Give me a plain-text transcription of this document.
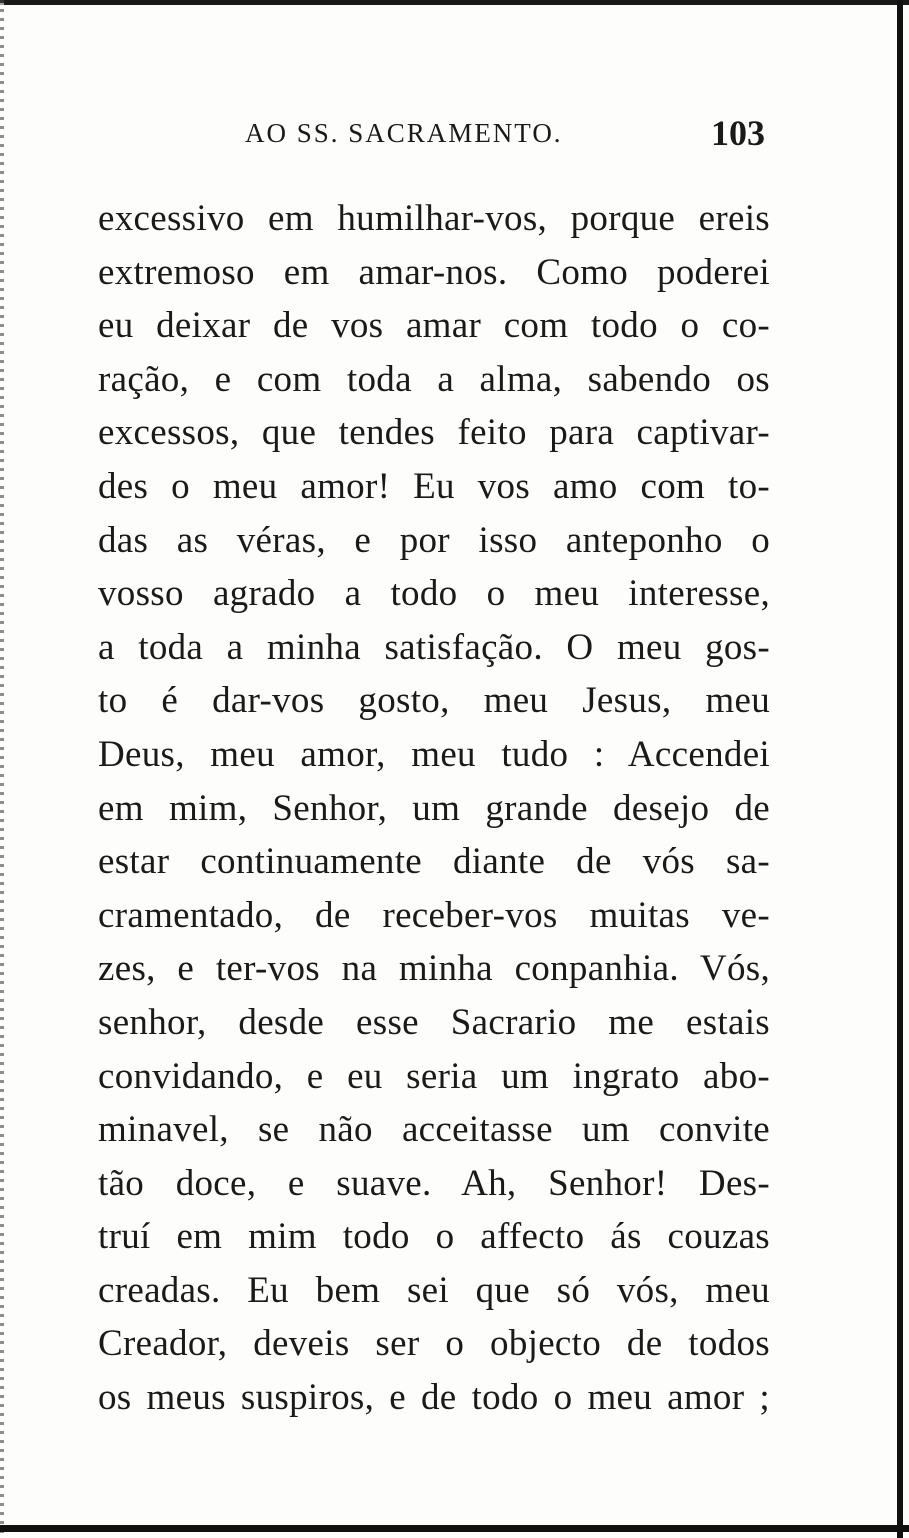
AO SS. SACRAMENTO.	103
excessivo em humilhar-vos, porque ereis
extremoso em amar-nos. Como poderei
eu deixar de vos amar com todo o co-
ração, e com toda a alma, sabendo os
excessos, que tendes feito para captivar-
des o meu amor! Eu vos amo com to-
das as véras, e por isso anteponho o
vosso agrado a todo o meu interesse,
a toda a minha satisfação. O meu gos-
to é dar-vos gosto, meu Jesus, meu
Deus, meu amor, meu tudo : Accendei
em mim, Senhor, um grande desejo de
estar continuamente diante de vós sa-
cramentado, de receber-vos muitas ve-
zes, e ter-vos na minha conpanhia. Vós,
senhor, desde esse Sacrario me estais
convidando, e eu seria um ingrato abo-
minavel, se não acceitasse um convite
tão doce, e suave. Ah, Senhor! Des-
truí em mim todo o affecto ás couzas
creadas. Eu bem sei que só vós, meu
Creador, deveis ser o objecto de todos
os meus suspiros, e de todo o meu amor ;
